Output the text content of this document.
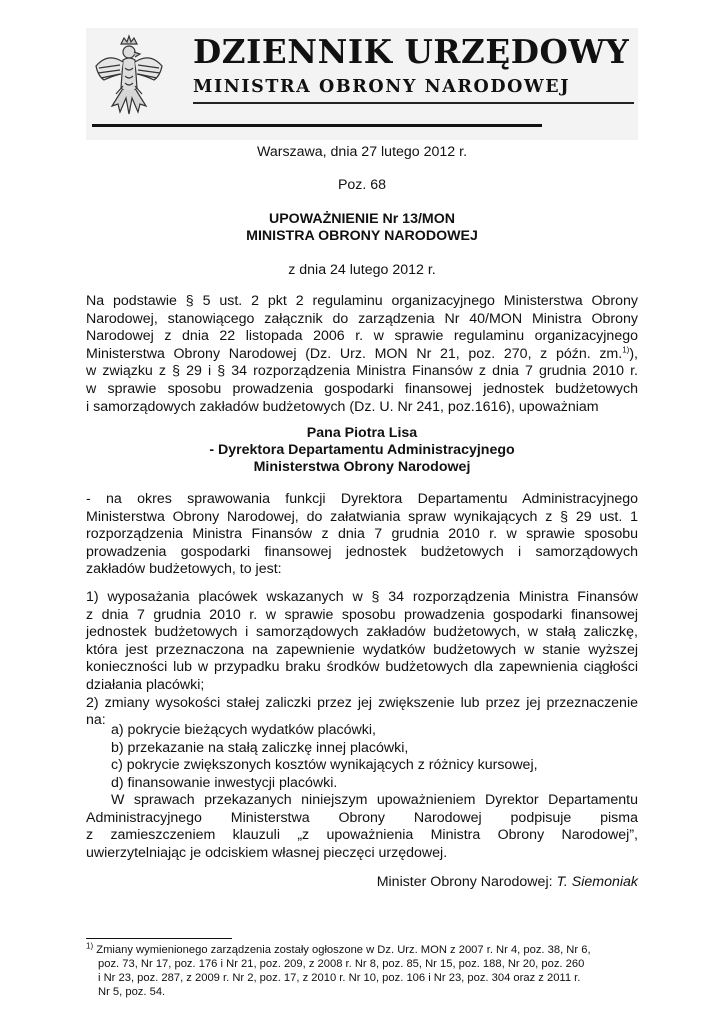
DZIENNIK URZĘDOWY
MINISTRA OBRONY NARODOWEJ
Warszawa, dnia 27 lutego 2012 r.
Poz. 68
UPOWAŻNIENIE Nr 13/MON
MINISTRA OBRONY NARODOWEJ
z dnia 24 lutego 2012 r.
Na podstawie § 5 ust. 2 pkt 2 regulaminu organizacyjnego Ministerstwa Obrony
Narodowej, stanowiącego załącznik do zarządzenia Nr 40/MON Ministra Obrony
Narodowej z dnia 22 listopada 2006 r. w sprawie regulaminu organizacyjnego
Ministerstwa Obrony Narodowej (Dz. Urz. MON Nr 21, poz. 270, z późn. zm.$^{1)}$),
w związku z § 29 i § 34 rozporządzenia Ministra Finansów z dnia 7 grudnia 2010 r.
w sprawie sposobu prowadzenia gospodarki finansowej jednostek budżetowych
i samorządowych zakładów budżetowych (Dz. U. Nr 241, poz.1616), upoważniam
Pana Piotra Lisa
- Dyrektora Departamentu Administracyjnego
Ministerstwa Obrony Narodowej
- na okres sprawowania funkcji Dyrektora Departamentu Administracyjnego
Ministerstwa Obrony Narodowej, do załatwiania spraw wynikających z § 29 ust. 1
rozporządzenia Ministra Finansów z dnia 7 grudnia 2010 r. w sprawie sposobu
prowadzenia gospodarki finansowej jednostek budżetowych i samorządowych
zakładów budżetowych, to jest:
1) wyposażania placówek wskazanych w § 34 rozporządzenia Ministra Finansów
z dnia 7 grudnia 2010 r. w sprawie sposobu prowadzenia gospodarki finansowej
jednostek budżetowych i samorządowych zakładów budżetowych, w stałą zaliczkę,
która jest przeznaczona na zapewnienie wydatków budżetowych w stanie wyższej
konieczności lub w przypadku braku środków budżetowych dla zapewnienia ciągłości
działania placówki;
2) zmiany wysokości stałej zaliczki przez jej zwiększenie lub przez jej przeznaczenie
na:
a) pokrycie bieżących wydatków placówki,
b) przekazanie na stałą zaliczkę innej placówki,
c) pokrycie zwiększonych kosztów wynikających z różnicy kursowej,
d) finansowanie inwestycji placówki.
W sprawach przekazanych niniejszym upoważnieniem Dyrektor Departamentu
Administracyjnego Ministerstwa Obrony Narodowej podpisuje pisma
z zamieszczeniem klauzuli „z upoważnienia Ministra Obrony Narodowej”,
uwierzytelniając je odciskiem własnej pieczęci urzędowej.
Minister Obrony Narodowej: T. Siemoniak
$^{1)}$ Zmiany wymienionego zarządzenia zostały ogłoszone w Dz. Urz. MON z 2007 r. Nr 4, poz. 38, Nr 6,
poz. 73, Nr 17, poz. 176 i Nr 21, poz. 209, z 2008 r. Nr 8, poz. 85, Nr 15, poz. 188, Nr 20, poz. 260
i Nr 23, poz. 287, z 2009 r. Nr 2, poz. 17, z 2010 r. Nr 10, poz. 106 i Nr 23, poz. 304 oraz z 2011 r.
Nr 5, poz. 54.
